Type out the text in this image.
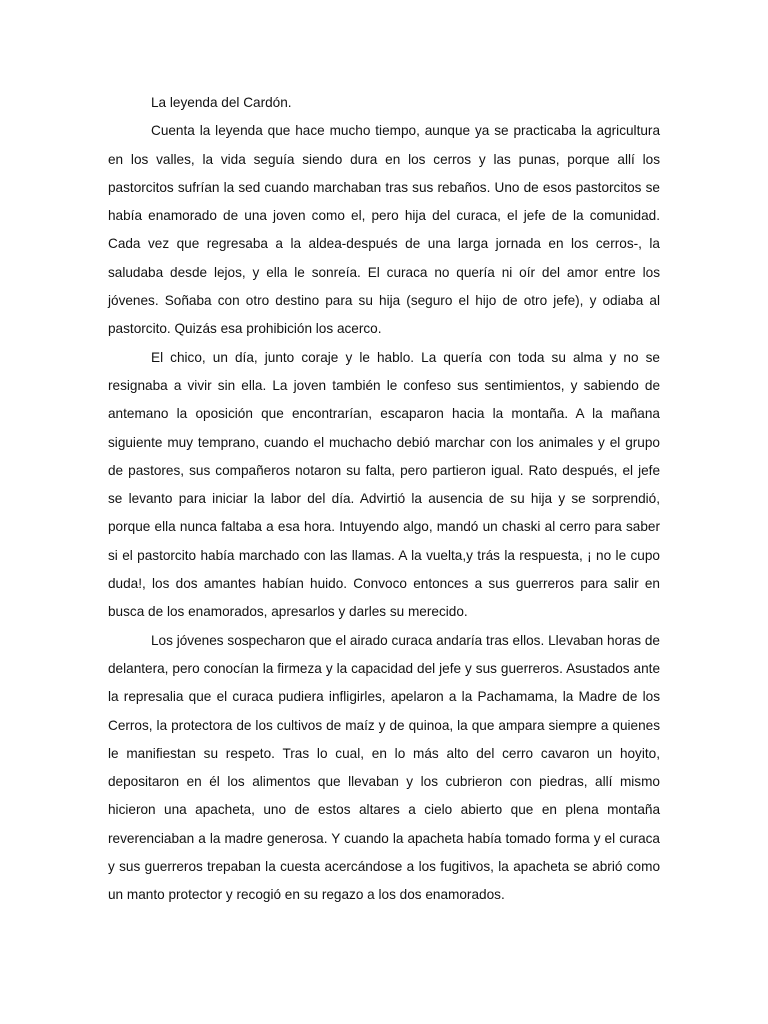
La leyenda del Cardón.

Cuenta la leyenda que hace mucho tiempo, aunque ya se practicaba la agricultura en los valles, la vida seguía siendo dura en los cerros y las punas, porque allí los pastorcitos sufrían la sed cuando marchaban tras sus rebaños. Uno de esos pastorcitos se había enamorado de una joven como el, pero hija del curaca, el jefe de la comunidad. Cada vez que regresaba a la aldea-después de una larga jornada en los cerros-, la saludaba desde lejos, y ella le sonreía. El curaca no quería ni oír del amor entre los jóvenes. Soñaba con otro destino para su hija (seguro el hijo de otro jefe), y odiaba al pastorcito. Quizás esa prohibición los acerco.

El chico, un día, junto coraje y le hablo. La quería con toda su alma y no se resignaba a vivir sin ella. La joven también le confeso sus sentimientos, y sabiendo de antemano la oposición que encontrarían, escaparon hacia la montaña. A la mañana siguiente muy temprano, cuando el muchacho debió marchar con los animales y el grupo de pastores, sus compañeros notaron su falta, pero partieron igual. Rato después, el jefe se levanto para iniciar la labor del día. Advirtió la ausencia de su hija y se sorprendió, porque ella nunca faltaba a esa hora. Intuyendo algo, mandó un chaski al cerro para saber si el pastorcito había marchado con las llamas. A la vuelta,y trás la respuesta, ¡ no le cupo duda!, los dos amantes habían huido. Convoco entonces a sus guerreros para salir en busca de los enamorados, apresarlos y darles su merecido.

Los jóvenes sospecharon que el airado curaca andaría tras ellos. Llevaban horas de delantera, pero conocían la firmeza y la capacidad del jefe y sus guerreros. Asustados ante la represalia que el curaca pudiera infligirles, apelaron a la Pachamama, la Madre de los Cerros, la protectora de los cultivos de maíz y de quinoa, la que ampara siempre a quienes le manifiestan su respeto. Tras lo cual, en lo más alto del cerro cavaron un hoyito, depositaron en él los alimentos que llevaban y los cubrieron con piedras, allí mismo hicieron una apacheta, uno de estos altares a cielo abierto que en plena montaña reverenciaban a la madre generosa. Y cuando la apacheta había tomado forma y el curaca y sus guerreros trepaban la cuesta acercándose a los fugitivos, la apacheta se abrió como un manto protector y recogió en su regazo a los dos enamorados.
